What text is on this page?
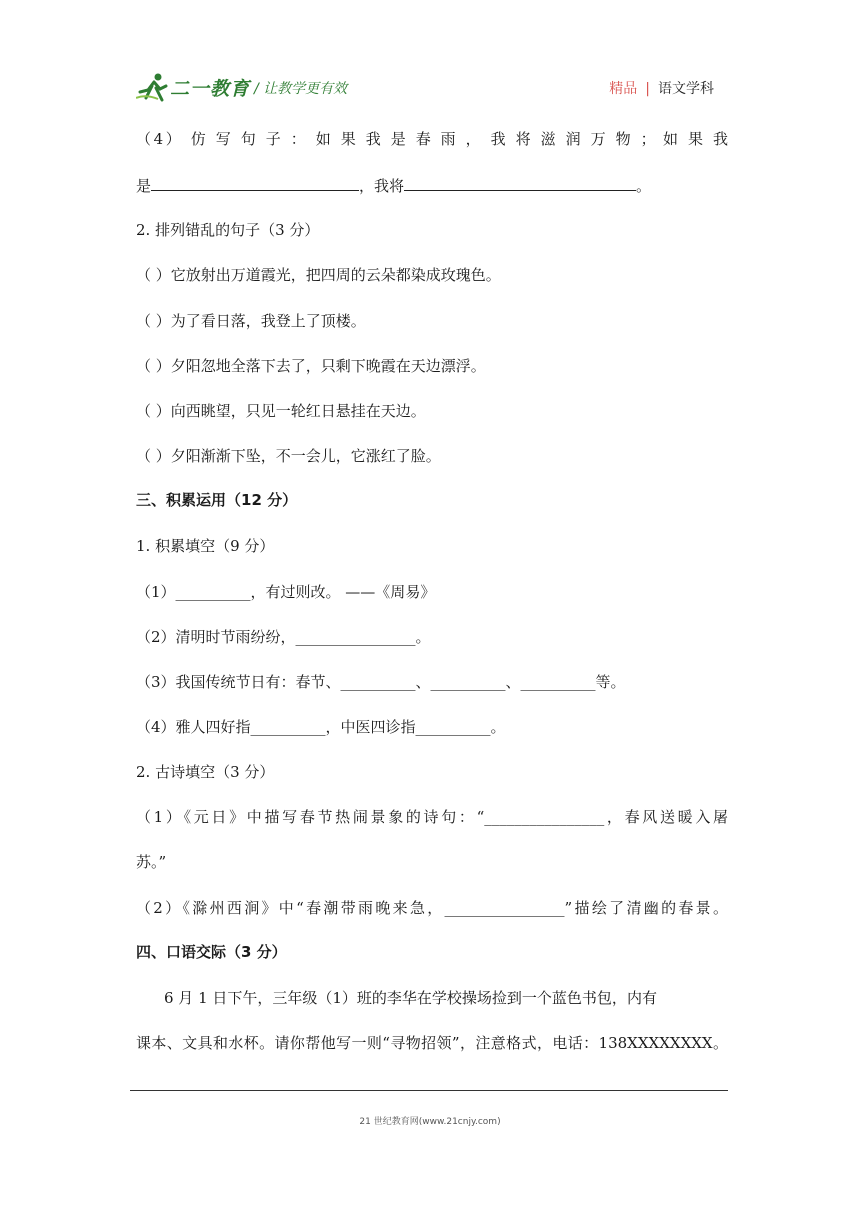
二一教育 / 让教学更有效	精品 | 语文学科
（4） 仿 写 句 子 ： 如 果 我 是 春 雨 ， 我 将 滋 润 万 物 ； 如 果 我
是	，我将	。
2. 排列错乱的句子（3 分）
（ ）它放射出万道霞光，把四周的云朵都染成玫瑰色。
（ ）为了看日落，我登上了顶楼。
（ ）夕阳忽地全落下去了，只剩下晚霞在天边漂浮。
（ ）向西眺望，只见一轮红日悬挂在天边。
（ ）夕阳渐渐下坠，不一会儿，它涨红了脸。
三、积累运用（12 分）
1. 积累填空（9 分）
（1）__________，有过则改。 ——《周易》
（2）清明时节雨纷纷，________________。
（3）我国传统节日有：春节、__________、__________、__________等。
（4）雅人四好指__________，中医四诊指__________。
2. 古诗填空（3 分）
（1）《元日》中描写春节热闹景象的诗句：“________________，春风送暖入屠
苏。”
（2）《滁州西涧》中“春潮带雨晚来急，________________”描绘了清幽的春景。
四、口语交际（3 分）
6 月 1 日下午，三年级（1）班的李华在学校操场捡到一个蓝色书包，内有
课本、文具和水杯。请你帮他写一则“寻物招领”，注意格式，电话：138XXXXXXXX。
21 世纪教育网(www.21cnjy.com)
